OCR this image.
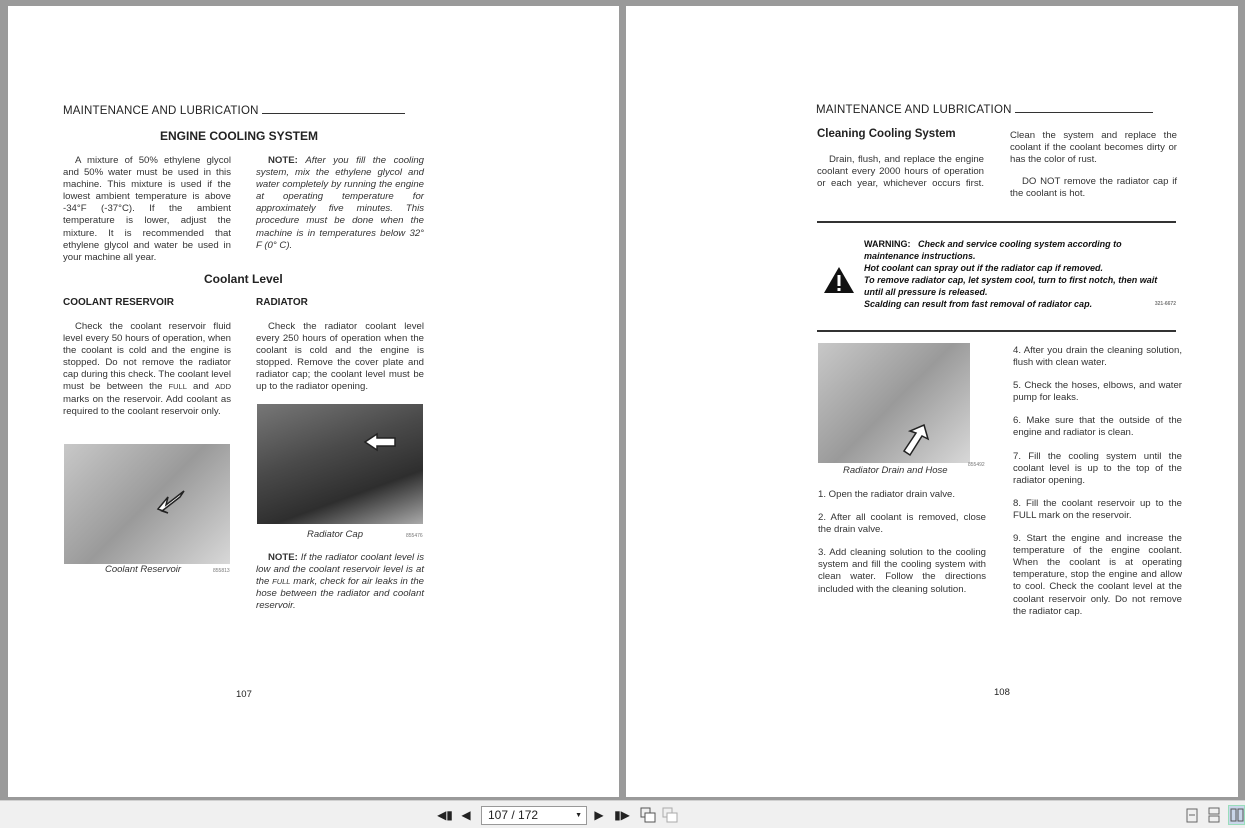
MAINTENANCE AND LUBRICATION
ENGINE COOLING SYSTEM

A mixture of 50% ethylene glycol and 50% water must be used in this machine. This mixture is used if the lowest ambient temperature is above -34°F (-37°C). If the ambient temperature is lower, adjust the mixture. It is recommended that ethylene glycol and water be used in your machine all year.

NOTE: After you fill the cooling system, mix the ethylene glycol and water completely by running the engine at operating temperature for approximately five minutes. This procedure must be done when the machine is in temperatures below 32° F (0° C).

Coolant Level
COOLANT RESERVOIR	RADIATOR

Check the coolant reservoir fluid level every 50 hours of operation, when the coolant is cold and the engine is stopped. Do not remove the radiator cap during this check. The coolant level must be between the FULL and ADD marks on the reservoir. Add coolant as required to the coolant reservoir only.

Check the radiator coolant level every 250 hours of operation when the coolant is cold and the engine is stopped. Remove the cover plate and radiator cap; the coolant level must be up to the radiator opening.

Coolant Reservoir	855813
Radiator Cap	855476

NOTE: If the radiator coolant level is low and the coolant reservoir level is at the FULL mark, check for air leaks in the hose between the radiator and coolant reservoir.

107
MAINTENANCE AND LUBRICATION
Cleaning Cooling System

Drain, flush, and replace the engine coolant every 2000 hours of operation or each year, whichever occurs first. Clean the system and replace the coolant if the coolant becomes dirty or has the color of rust.

DO NOT remove the radiator cap if the coolant is hot.

WARNING: Check and service cooling system according to maintenance instructions.
Hot coolant can spray out if the radiator cap if removed.
To remove radiator cap, let system cool, turn to first notch, then wait until all pressure is released.
Scalding can result from fast removal of radiator cap.	321-6672
Radiator Drain and Hose	855492
1. Open the radiator drain valve.
2. After all coolant is removed, close the drain valve.
3. Add cleaning solution to the cooling system and fill the cooling system with clean water. Follow the directions included with the cleaning solution.
4. After you drain the cleaning solution, flush with clean water.
5. Check the hoses, elbows, and water pump for leaks.
6. Make sure that the outside of the engine and radiator is clean.
7. Fill the cooling system until the coolant level is up to the top of the radiator opening.
8. Fill the coolant reservoir up to the FULL mark on the reservoir.
9. Start the engine and increase the temperature of the engine coolant. When the coolant is at operating temperature, stop the engine and allow to cool. Check the coolant level at the coolant reservoir only. Do not remove the radiator cap.
108
◀▮ ◀	107 / 172	▼ ▶ ▮▶
